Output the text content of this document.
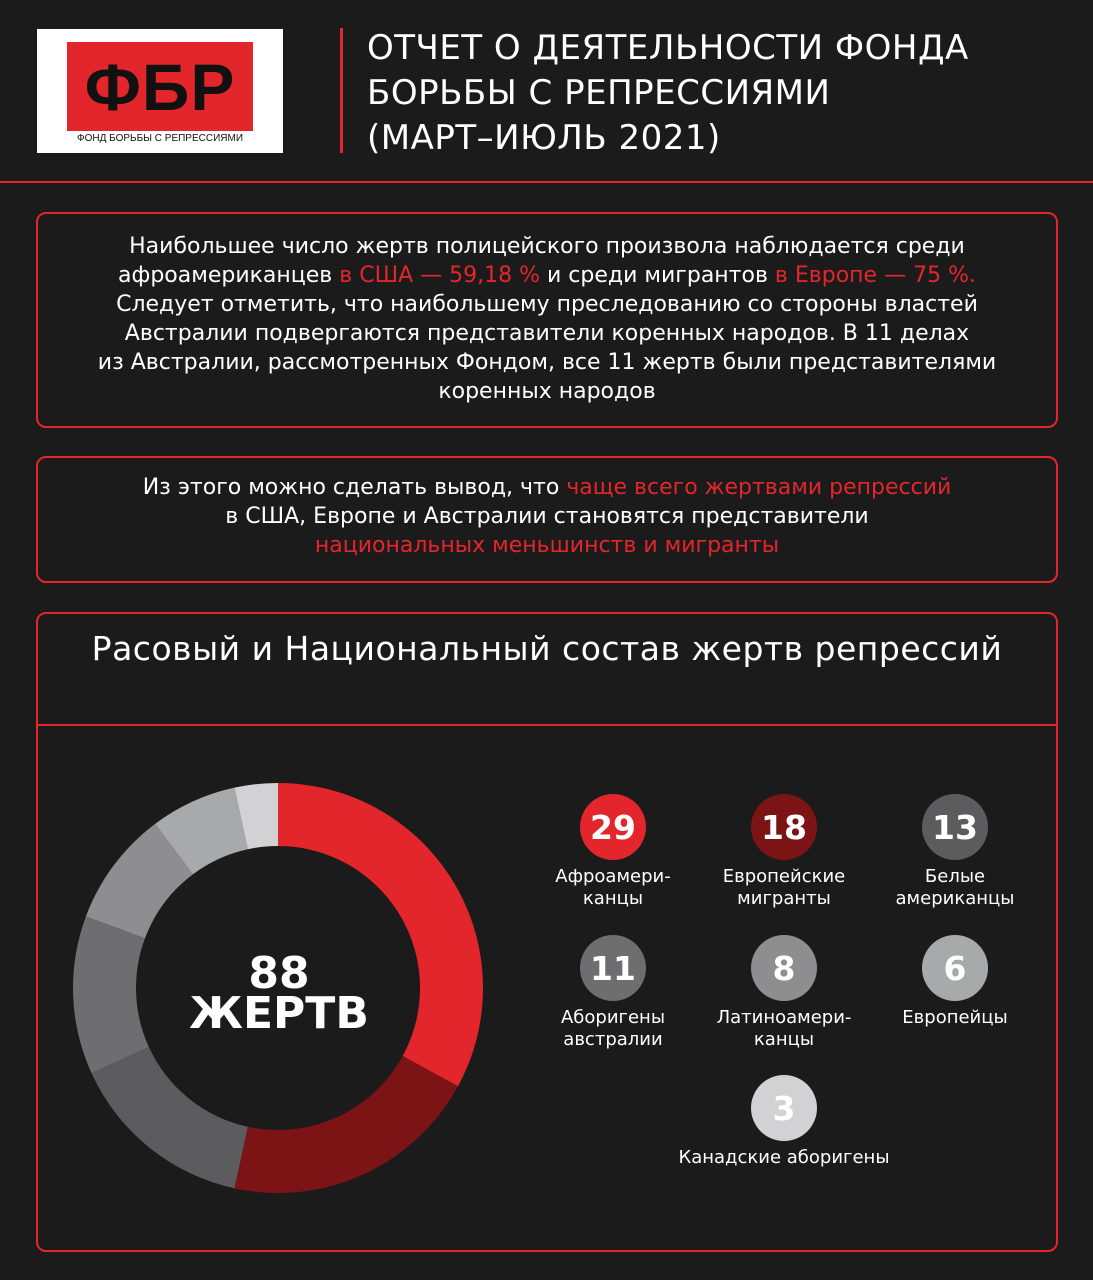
ФБР
ФОНД БОРЬБЫ С РЕПРЕССИЯМИ
ОТЧЕТ О ДЕЯТЕЛЬНОСТИ ФОНДА
БОРЬБЫ С РЕПРЕССИЯМИ
(МАРТ–ИЮЛЬ 2021)
Наибольшее число жертв полицейского произвола наблюдается среди
афроамериканцев в США — 59,18 % и среди мигрантов в Европе — 75 %.
Следует отметить, что наибольшему преследованию со стороны властей
Австралии подвергаются представители коренных народов. В 11 делах
из Австралии, рассмотренных Фондом, все 11 жертв были представителями
коренных народов
Из этого можно сделать вывод, что чаще всего жертвами репрессий
в США, Европе и Австралии становятся представители
национальных меньшинств и мигранты
Расовый и Национальный состав жертв репрессий
88
ЖЕРТВ
29
Афроамери-
канцы
18
Европейские
мигранты
13
Белые
американцы
11
Аборигены
австралии
8
Латиноамери-
канцы
6
Европейцы
3
Канадские аборигены
